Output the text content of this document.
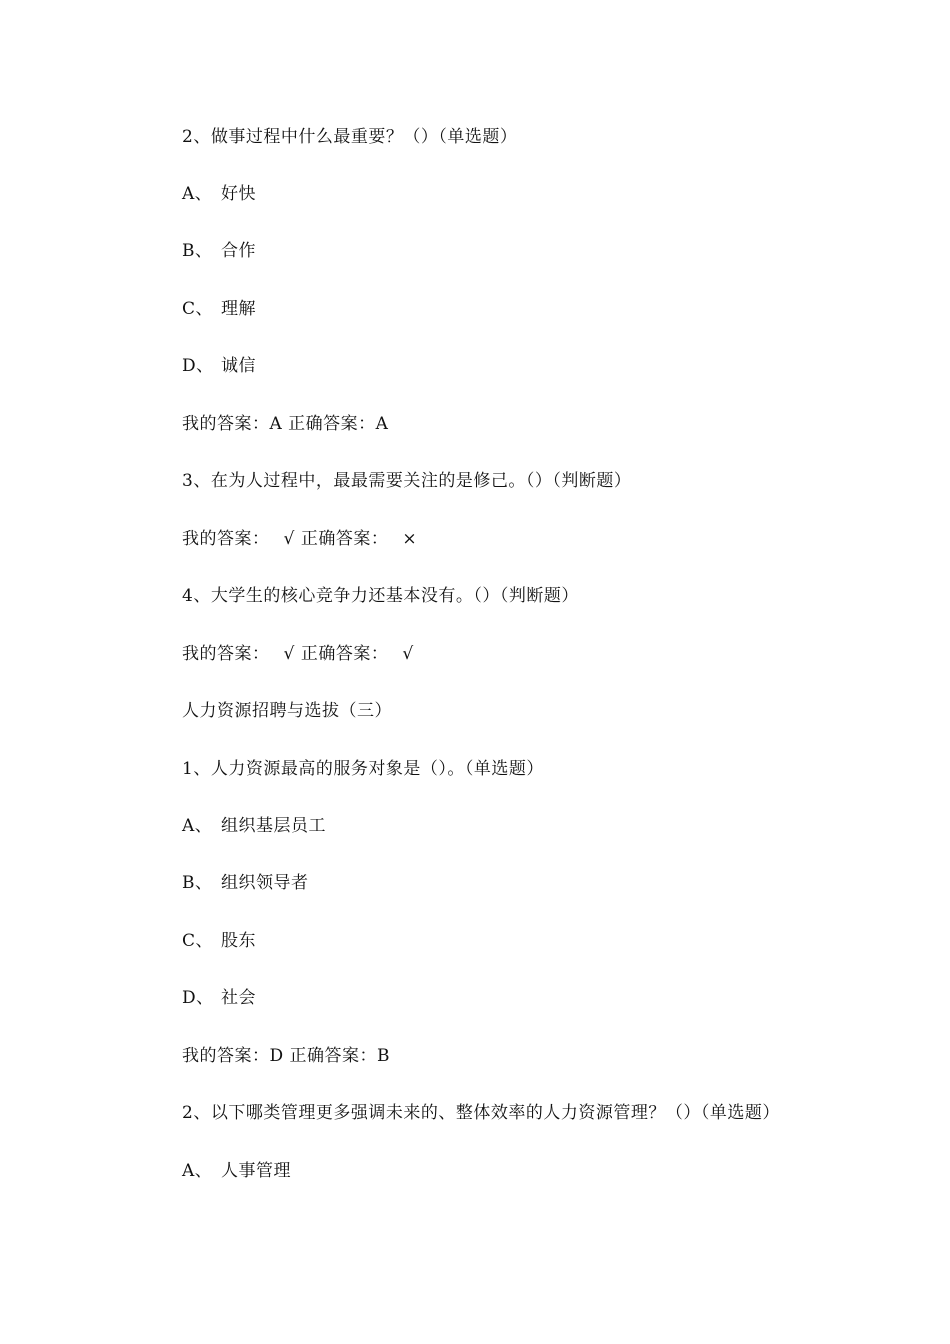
2、做事过程中什么最重要？（）（单选题）
A、 好快
B、 合作
C、 理解
D、 诚信
我的答案：A 正确答案：A
3、在为人过程中，最最需要关注的是修己。（）（判断题）
我的答案： √ 正确答案： ×
4、大学生的核心竞争力还基本没有。（）（判断题）
我的答案： √ 正确答案： √
人力资源招聘与选拔（三）
1、人力资源最高的服务对象是（）。（单选题）
A、 组织基层员工
B、 组织领导者
C、 股东
D、 社会
我的答案：D 正确答案：B
2、以下哪类管理更多强调未来的、整体效率的人力资源管理？（）（单选题）
A、 人事管理
